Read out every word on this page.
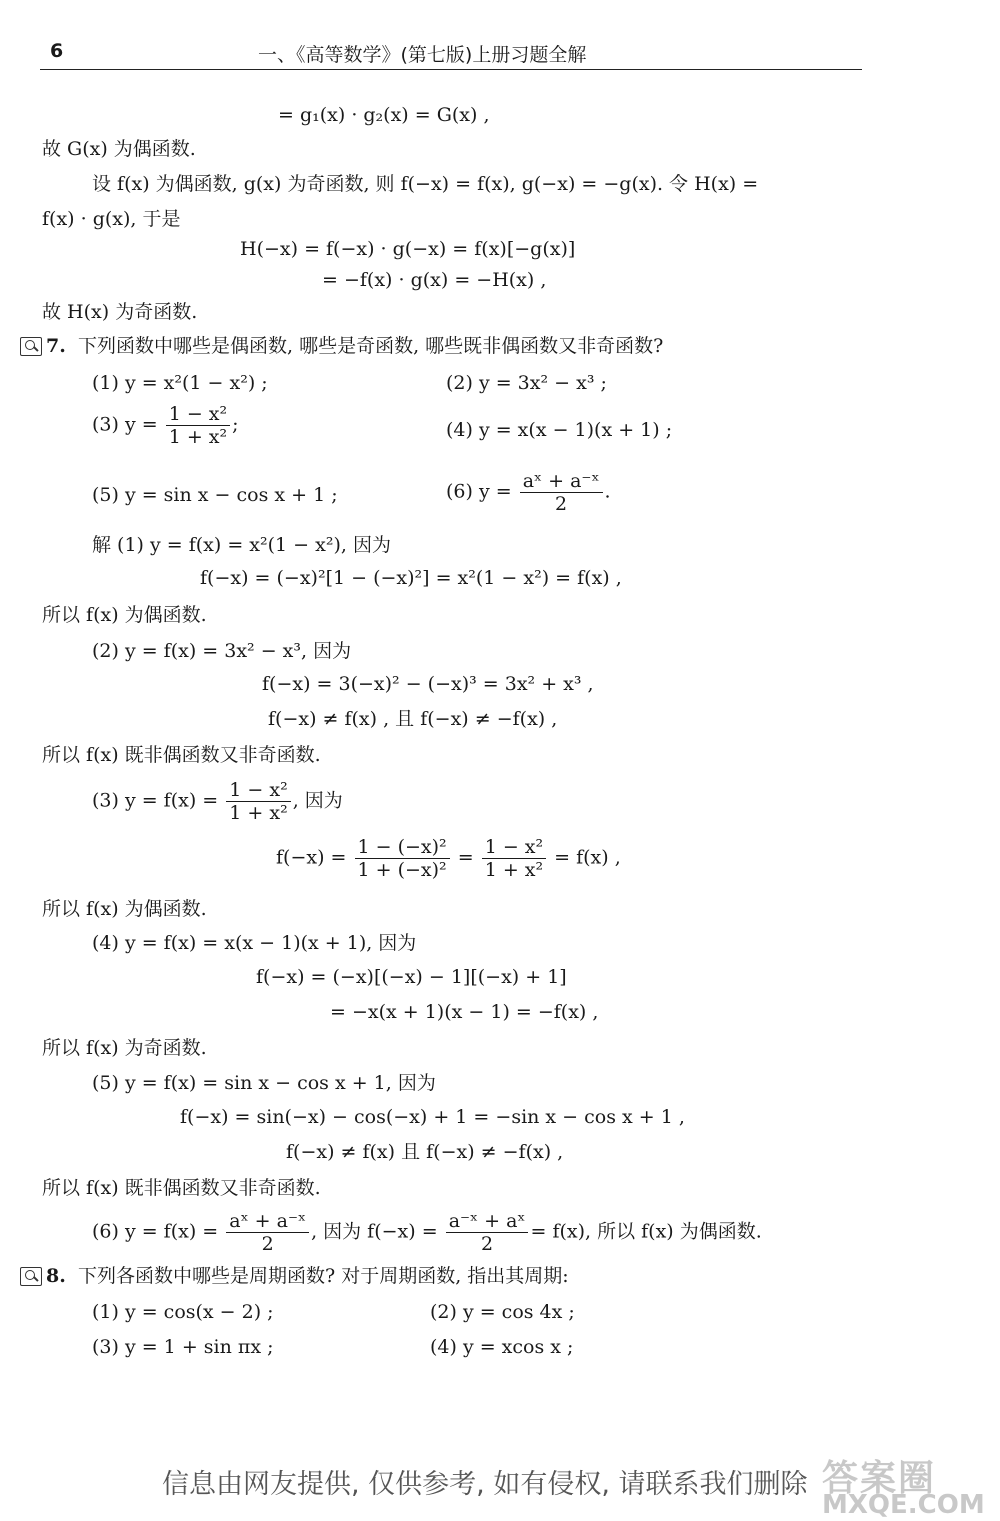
6	一、《高等数学》(第七版)上册习题全解
= g₁(x) · g₂(x) = G(x) ,
故 G(x) 为偶函数.
设 f(x) 为偶函数, g(x) 为奇函数, 则 f(−x) = f(x), g(−x) = −g(x). 令 H(x) =
f(x) · g(x), 于是
H(−x) = f(−x) · g(−x) = f(x)[−g(x)]
= −f(x) · g(x) = −H(x) ,
故 H(x) 为奇函数.
7. 下列函数中哪些是偶函数, 哪些是奇函数, 哪些既非偶函数又非奇函数?
(1) y = x²(1 − x²) ;	(2) y = 3x² − x³ ;
(3) $y = \frac{\text{1 − x²}}{\text{1 + x²}}$ ;	(4) y = x(x − 1)(x + 1) ;
(5) y = sin x − cos x + 1 ;	(6) $y = \frac{\text{aˣ + a⁻ˣ}}{2}$ .
解 (1) y = f(x) = x²(1 − x²), 因为
f(−x) = (−x)²[1 − (−x)²] = x²(1 − x²) = f(x) ,
所以 f(x) 为偶函数.
(2) y = f(x) = 3x² − x³, 因为
f(−x) = 3(−x)² − (−x)³ = 3x² + x³ ,
f(−x) ≠ f(x) , 且 f(−x) ≠ −f(x) ,
所以 f(x) 既非偶函数又非奇函数.
(3) $y = f(x) = \frac{\text{1 − x²}}{\text{1 + x²}}$ , 因为
$f(-x) = \frac{\text{1 − (−x)²}}{\text{1 + (−x)²}} = \frac{\text{1 − x²}}{\text{1 + x²}} = f(x)$ ,
所以 f(x) 为偶函数.
(4) y = f(x) = x(x − 1)(x + 1), 因为
f(−x) = (−x)[(−x) − 1][(−x) + 1]
= −x(x + 1)(x − 1) = −f(x) ,
所以 f(x) 为奇函数.
(5) y = f(x) = sin x − cos x + 1, 因为
f(−x) = sin(−x) − cos(−x) + 1 = −sin x − cos x + 1 ,
f(−x) ≠ f(x) 且 f(−x) ≠ −f(x) ,
所以 f(x) 既非偶函数又非奇函数.
(6) $y = f(x) = \frac{\text{aˣ + a⁻ˣ}}{2}$ , 因为 $f(-x) = \frac{\text{a⁻ˣ + aˣ}}{2} = f(x)$, 所以 f(x) 为偶函数.
8. 下列各函数中哪些是周期函数? 对于周期函数, 指出其周期:
(1) y = cos(x − 2) ;	(2) y = cos 4x ;
(3) y = 1 + sin πx ;	(4) y = xcos x ;
信息由网友提供, 仅供参考, 如有侵权, 请联系我们删除 答案圈
MXQE.COM
